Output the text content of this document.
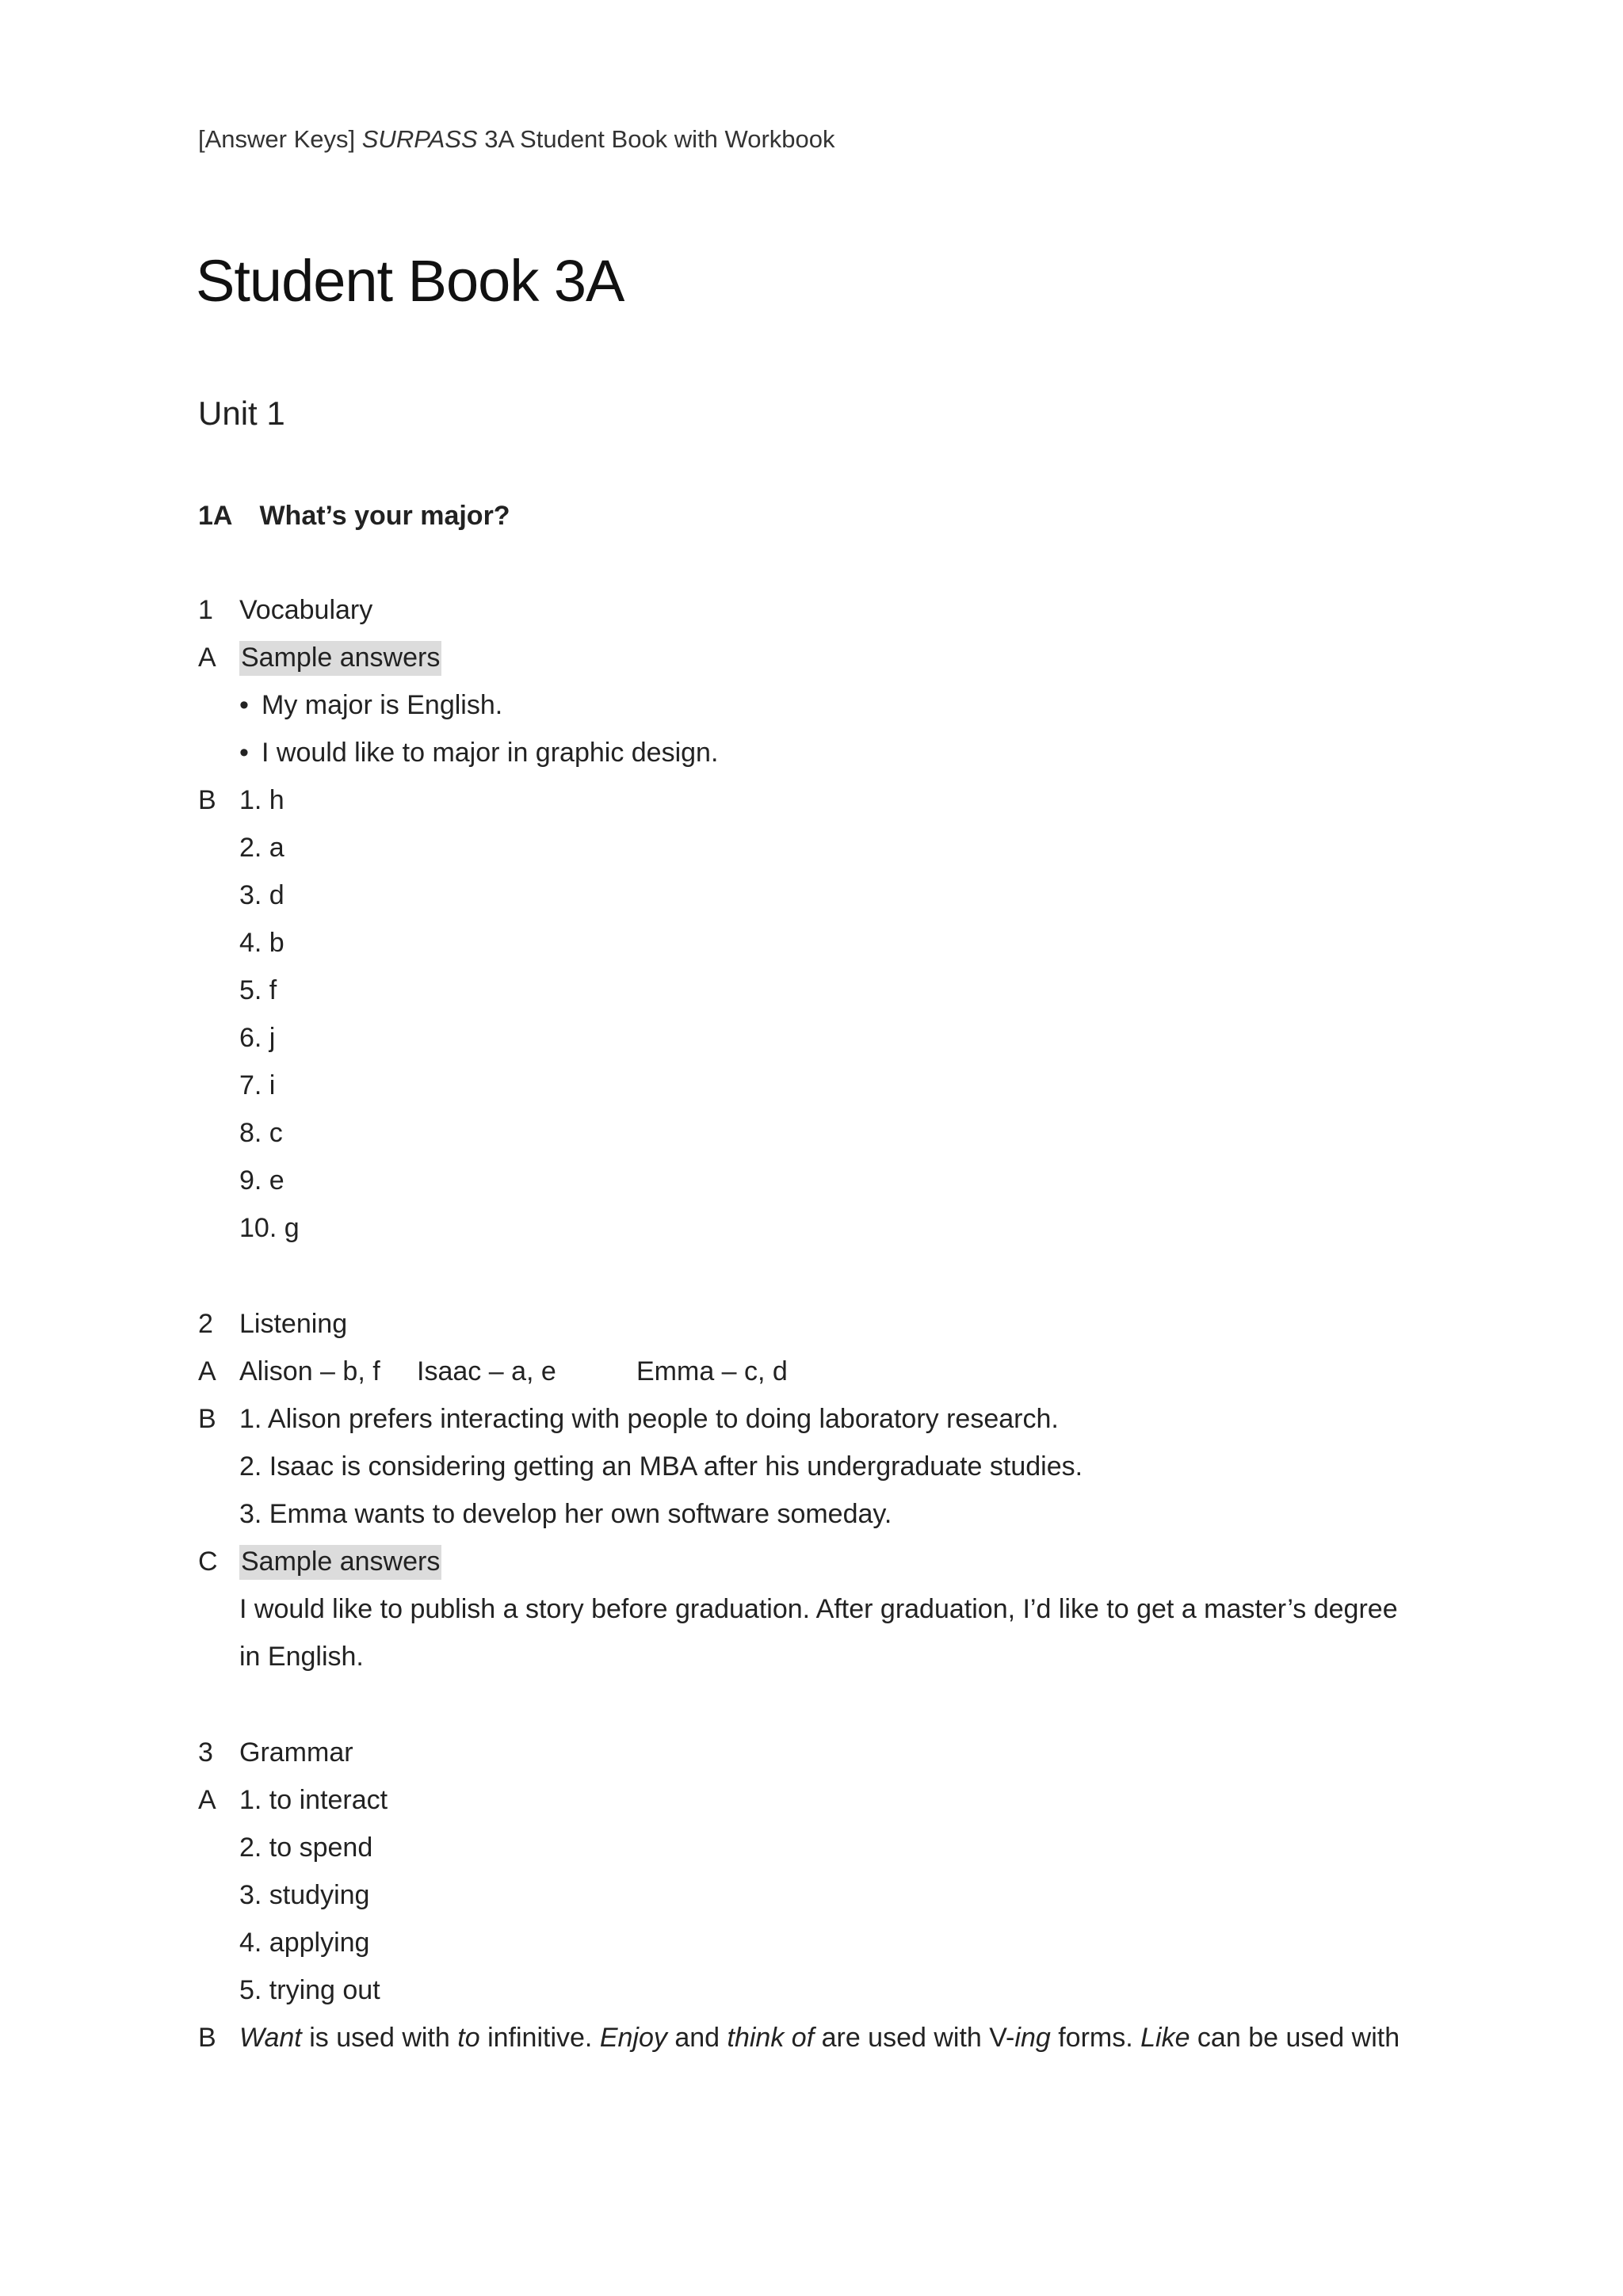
[Answer Keys] SURPASS 3A Student Book with Workbook
Student Book 3A
Unit 1
1A What’s your major?
1 Vocabulary
A Sample answers
• My major is English.
• I would like to major in graphic design.
B 1. h
2. a
3. d
4. b
5. f
6. j
7. i
8. c
9. e
10. g
2 Listening
A Alison – b, f Isaac – a, e	Emma – c, d
B 1. Alison prefers interacting with people to doing laboratory research.
2. Isaac is considering getting an MBA after his undergraduate studies.
3. Emma wants to develop her own software someday.
C Sample answers
I would like to publish a story before graduation. After graduation, I’d like to get a master’s degree
in English.
3 Grammar
A 1. to interact
2. to spend
3. studying
4. applying
5. trying out
B Want is used with to infinitive. Enjoy and think of are used with V-ing forms. Like can be used with
